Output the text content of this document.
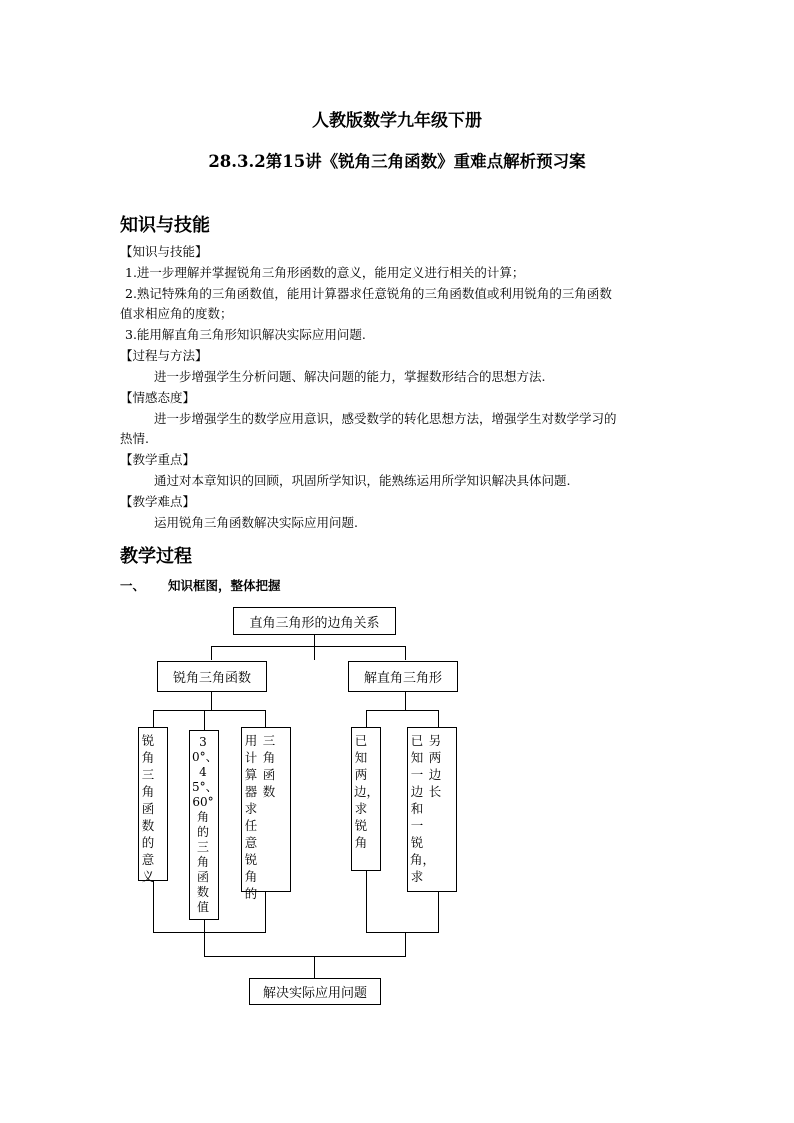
人教版数学九年级下册
28.3.2第15讲《锐角三角函数》重难点解析预习案
知识与技能
【知识与技能】
1.进一步理解并掌握锐角三角形函数的意义，能用定义进行相关的计算；
2.熟记特殊角的三角函数值，能用计算器求任意锐角的三角函数值或利用锐角的三角函数
值求相应角的度数；
3.能用解直角三角形知识解决实际应用问题.
【过程与方法】
进一步增强学生分析问题、解决问题的能力，掌握数形结合的思想方法.
【情感态度】
进一步增强学生的数学应用意识，感受数学的转化思想方法，增强学生对数学学习的
热情.
【教学重点】
通过对本章知识的回顾，巩固所学知识，能熟练运用所学知识解决具体问题.
【教学难点】
运用锐角三角函数解决实际应用问题.
教学过程
一、 知识框图，整体把握
直角三角形的边角关系
锐角三角函数	解直角三角形
锐角三角函数的意义
30°、45°、60°角的三角函数值
用计算器求任意锐角的三角函数
已知两边，求锐角
已知一边和一锐角，求另两边长
解决实际应用问题
